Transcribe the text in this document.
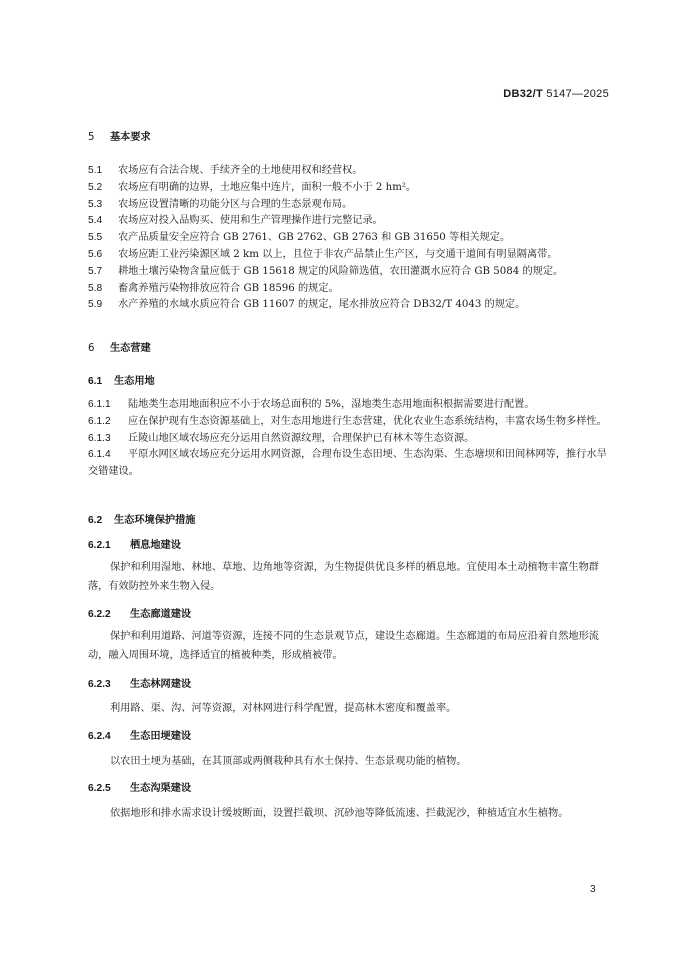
DB32/T 5147—2025
5 基本要求
5.1 农场应有合法合规、手续齐全的土地使用权和经营权。
5.2 农场应有明确的边界，土地应集中连片，面积一般不小于 2 hm²。
5.3 农场应设置清晰的功能分区与合理的生态景观布局。
5.4 农场应对投入品购买、使用和生产管理操作进行完整记录。
5.5 农产品质量安全应符合 GB 2761、GB 2762、GB 2763 和 GB 31650 等相关规定。
5.6 农场应距工业污染源区域 2 km 以上，且位于非农产品禁止生产区，与交通干道间有明显隔离带。
5.7 耕地土壤污染物含量应低于 GB 15618 规定的风险筛选值，农田灌溉水应符合 GB 5084 的规定。
5.8 畜禽养殖污染物排放应符合 GB 18596 的规定。
5.9 水产养殖的水域水质应符合 GB 11607 的规定，尾水排放应符合 DB32/T 4043 的规定。
6 生态营建
6.1 生态用地
6.1.1 陆地类生态用地面积应不小于农场总面积的 5%，湿地类生态用地面积根据需要进行配置。
6.1.2 应在保护现有生态资源基础上，对生态用地进行生态营建，优化农业生态系统结构，丰富农场生物多样性。
6.1.3 丘陵山地区域农场应充分运用自然资源纹理，合理保护已有林木等生态资源。
6.1.4 平原水网区域农场应充分运用水网资源，合理布设生态田埂、生态沟渠、生态塘坝和田间林网等，推行水旱交错建设。
6.2 生态环境保护措施
6.2.1 栖息地建设
保护和利用湿地、林地、草地、边角地等资源，为生物提供优良多样的栖息地。宜使用本土动植物丰富生物群落，有效防控外来生物入侵。
6.2.2 生态廊道建设
保护和利用道路、河道等资源，连接不同的生态景观节点，建设生态廊道。生态廊道的布局应沿着自然地形流动，融入周围环境，选择适宜的植被种类，形成植被带。
6.2.3 生态林网建设
利用路、渠、沟、河等资源，对林网进行科学配置，提高林木密度和覆盖率。
6.2.4 生态田埂建设
以农田土埂为基础，在其顶部或两侧栽种具有水土保持、生态景观功能的植物。
6.2.5 生态沟渠建设
依据地形和排水需求设计缓坡断面，设置拦截坝、沉砂池等降低流速、拦截泥沙，种植适宜水生植物。
3
